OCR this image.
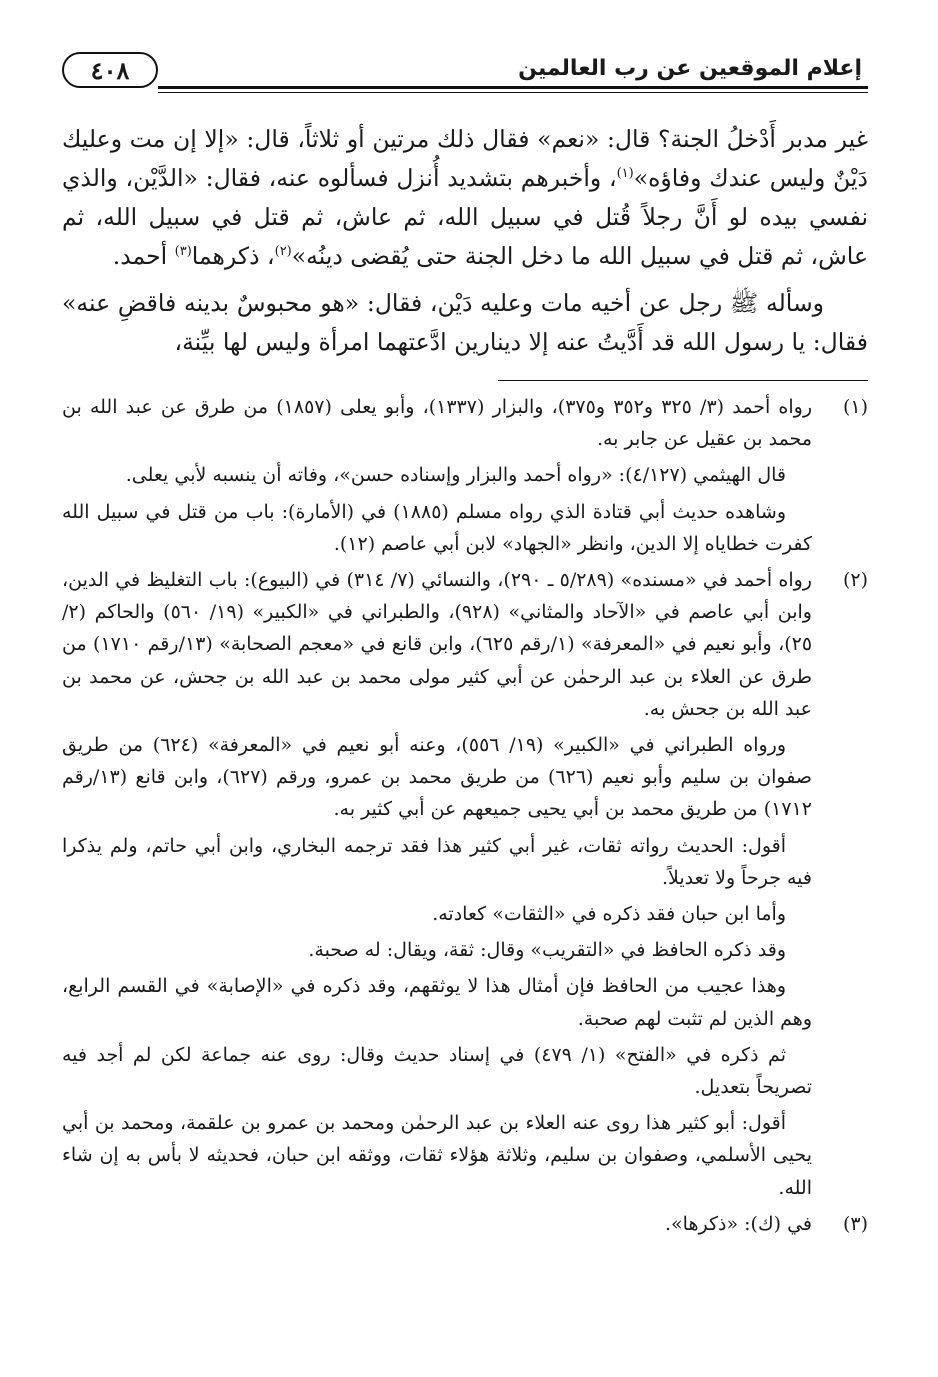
٤٠٨	إعلام الموقعين عن رب العالمين

غير مدبر أَدْخلُ الجنة؟ قال: «نعم» فقال ذلك مرتين أو ثلاثاً، قال: «إلا إن مت وعليك دَيْنٌ وليس عندك وفاؤه»$^{(١)}$، وأخبرهم بتشديد أُنزل فسألوه عنه، فقال: «الدَّيْن، والذي نفسي بيده لو أَنَّ رجلاً قُتل في سبيل الله، ثم عاش، ثم قتل في سبيل الله، ثم عاش، ثم قتل في سبيل الله ما دخل الجنة حتى يُقضى دينُه»$^{(٢)}$، ذكرهما$^{(٣)}$ أحمد.

وسأله ﷺ رجل عن أخيه مات وعليه دَيْن، فقال: «هو محبوسٌ بدينه فاقضِ عنه» فقال: يا رسول الله قد أَدَّيتُ عنه إلا دينارين ادَّعتهما امرأة وليس لها بيِّنة،

(١)

رواه أحمد (٣/ ٣٢٥ و٣٥٢ و٣٧٥)، والبزار (١٣٣٧)، وأبو يعلى (١٨٥٧) من طرق عن عبد الله بن محمد بن عقيل عن جابر به.

قال الهيثمي (٤/١٢٧): «رواه أحمد والبزار وإسناده حسن»، وفاته أن ينسبه لأبي يعلى.

وشاهده حديث أبي قتادة الذي رواه مسلم (١٨٨٥) في (الأمارة): باب من قتل في سبيل الله كفرت خطاياه إلا الدين، وانظر «الجهاد» لابن أبي عاصم (١٢).

(٢)

رواه أحمد في «مسنده» (٥/٢٨٩ ـ ٢٩٠)، والنسائي (٧/ ٣١٤) في (البيوع): باب التغليظ في الدين، وابن أبي عاصم في «الآحاد والمثاني» (٩٢٨)، والطبراني في «الكبير» (١٩/ ٥٦٠) والحاكم (٢/ ٢٥)، وأبو نعيم في «المعرفة» (١/رقم ٦٢٥)، وابن قانع في «معجم الصحابة» (١٣/رقم ١٧١٠) من طرق عن العلاء بن عبد الرحمٰن عن أبي كثير مولى محمد بن عبد الله بن جحش، عن محمد بن عبد الله بن جحش به.

ورواه الطبراني في «الكبير» (١٩/ ٥٥٦)، وعنه أبو نعيم في «المعرفة» (٦٢٤) من طريق صفوان بن سليم وأبو نعيم (٦٢٦) من طريق محمد بن عمرو، ورقم (٦٢٧)، وابن قانع (١٣/رقم ١٧١٢) من طريق محمد بن أبي يحيى جميعهم عن أبي كثير به.

أقول: الحديث رواته ثقات، غير أبي كثير هذا فقد ترجمه البخاري، وابن أبي حاتم، ولم يذكرا فيه جرحاً ولا تعديلاً.

وأما ابن حبان فقد ذكره في «الثقات» كعادته.

وقد ذكره الحافظ في «التقريب» وقال: ثقة، ويقال: له صحبة.

وهذا عجيب من الحافظ فإن أمثال هذا لا يوثقهم، وقد ذكره في «الإصابة» في القسم الرابع، وهم الذين لم تثبت لهم صحبة.

ثم ذكره في «الفتح» (١/ ٤٧٩) في إسناد حديث وقال: روى عنه جماعة لكن لم أجد فيه تصريحاً بتعديل.

أقول: أبو كثير هذا روى عنه العلاء بن عبد الرحمٰن ومحمد بن عمرو بن علقمة، ومحمد بن أبي يحيى الأسلمي، وصفوان بن سليم، وثلاثة هؤلاء ثقات، ووثقه ابن حبان، فحديثه لا بأس به إن شاء الله.

(٣)

في (ك): «ذكرها».
